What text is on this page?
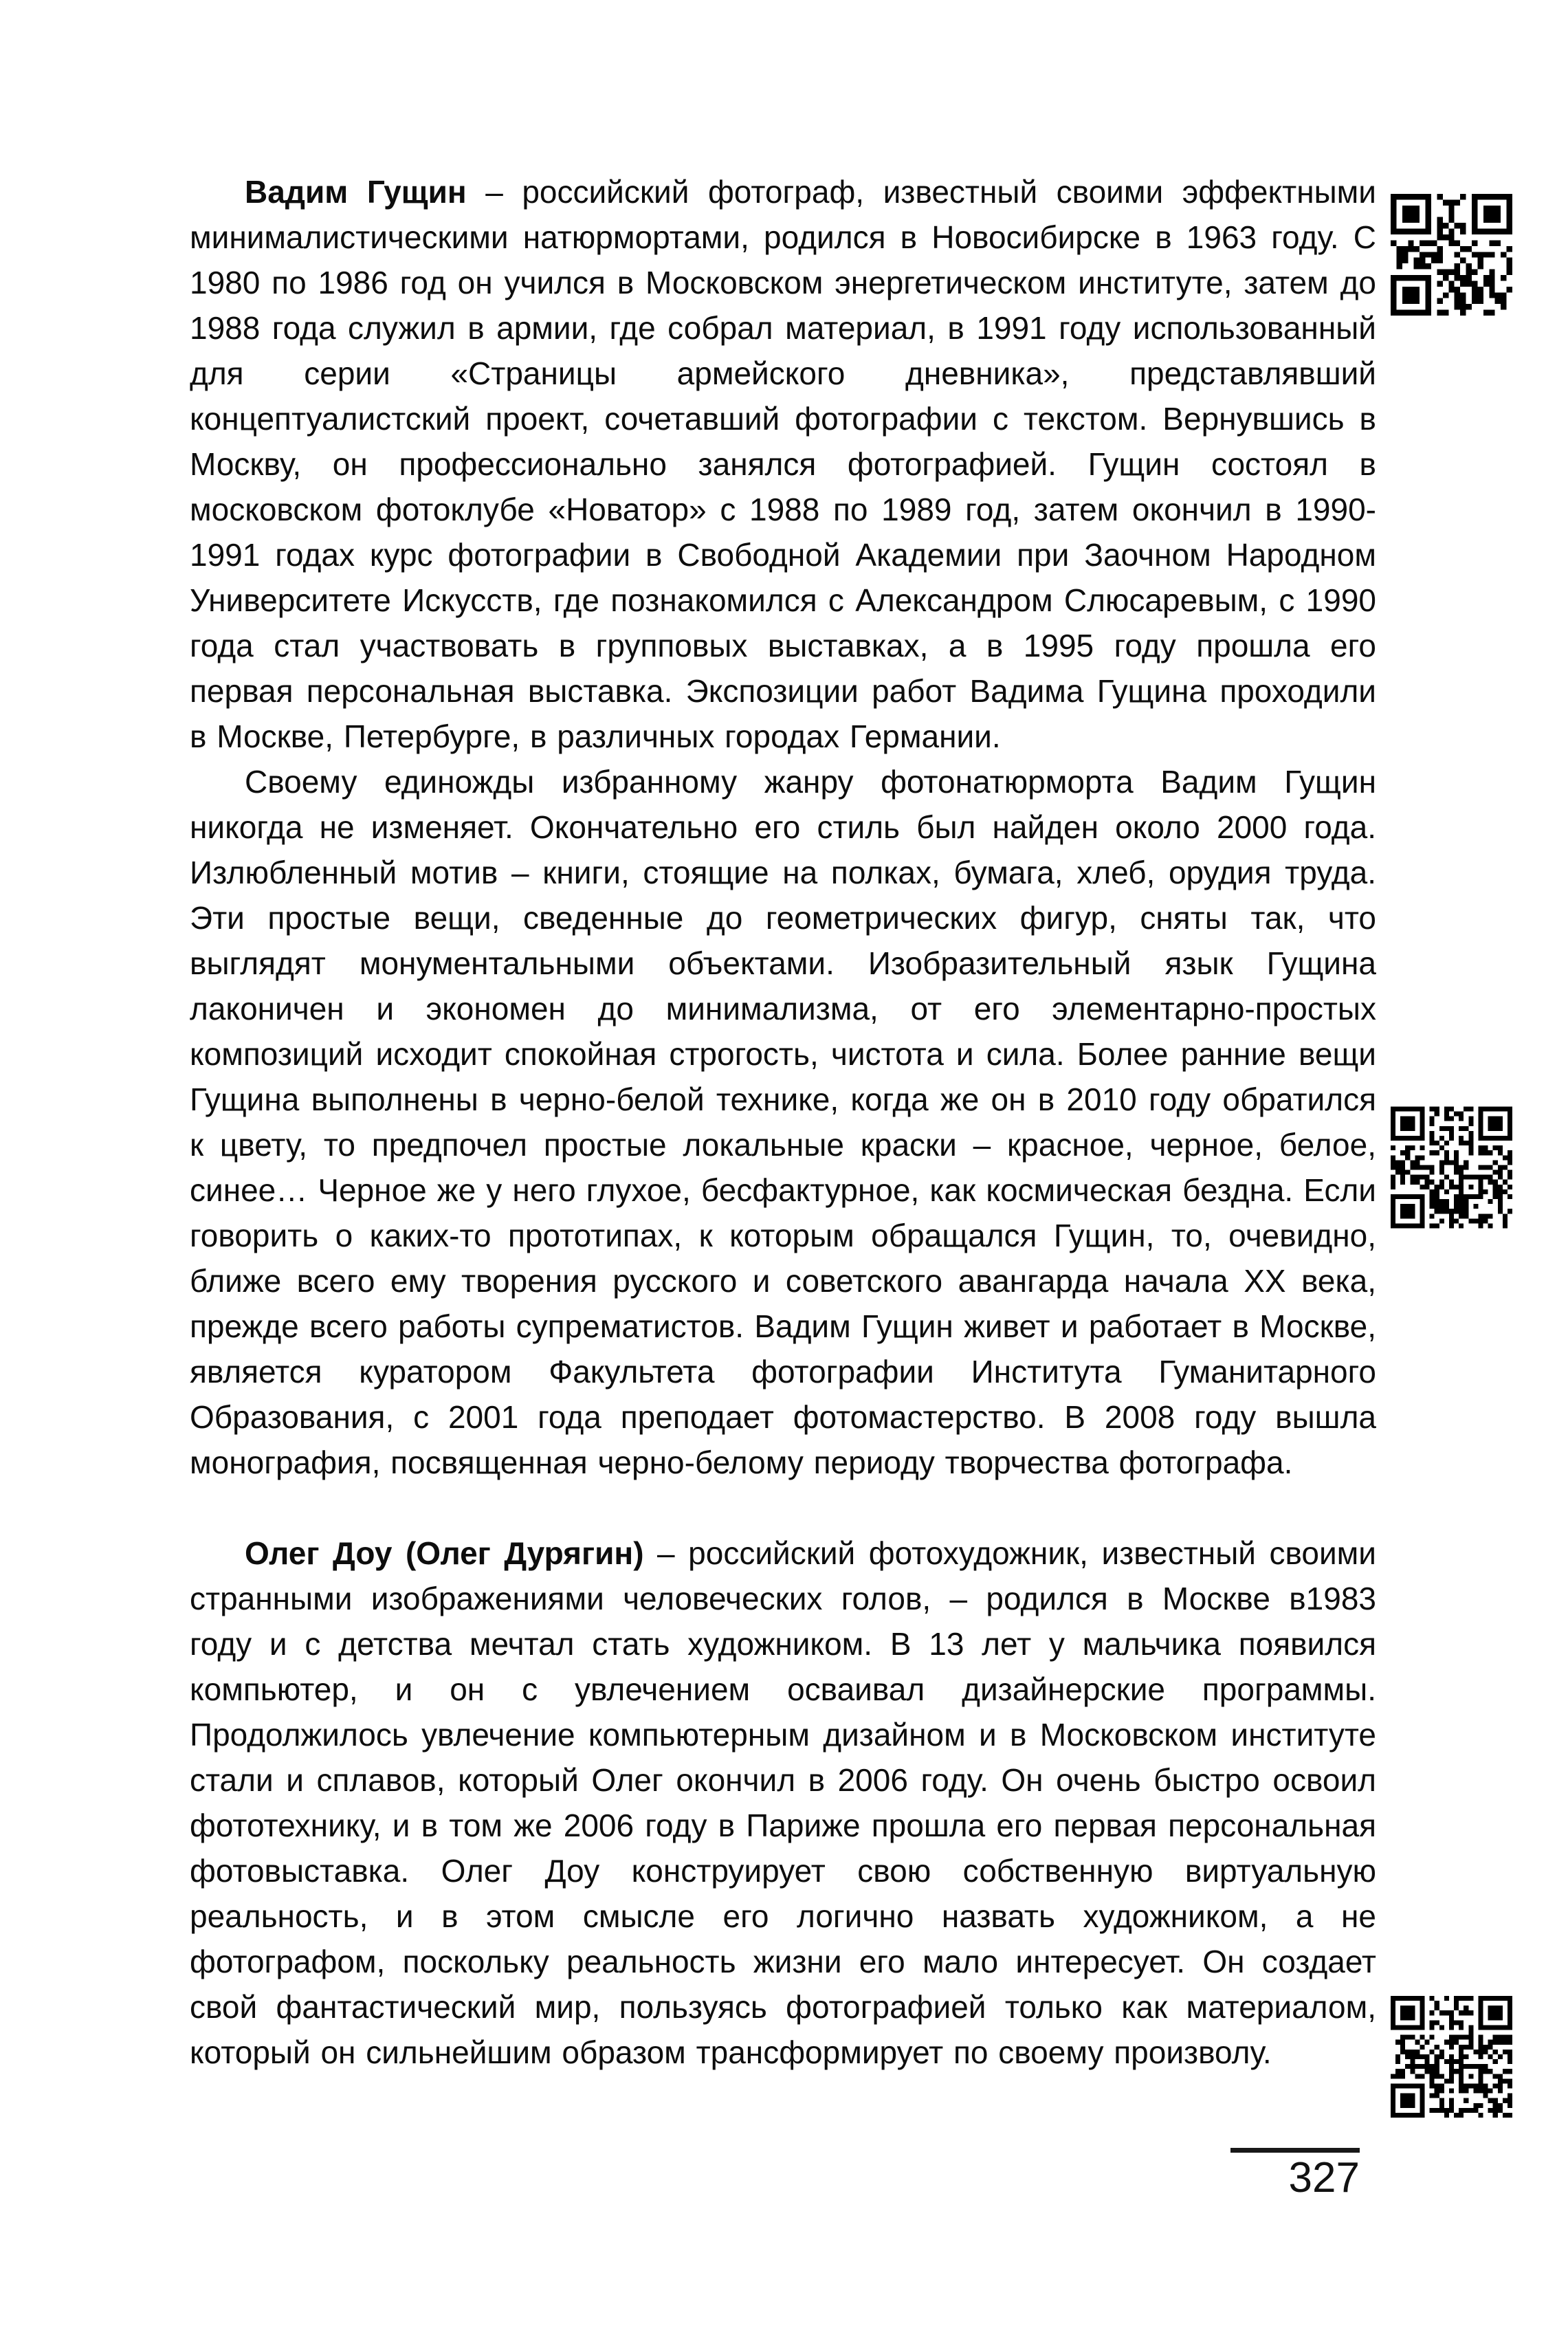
Вадим Гущин – российский фотограф, известный своими эффектными минималистическими натюрмортами, родился в Новосибирске в 1963 году. С 1980 по 1986 год он учился в Московском энергетическом институте, затем до 1988 года служил в армии, где собрал материал, в 1991 году использованный для серии «Страницы армейского дневника», представлявший концептуалистский проект, сочетавший фотографии с текстом. Вернувшись в Москву, он профессионально занялся фотографией. Гущин состоял в московском фотоклубе «Новатор» с 1988 по 1989 год, затем окончил в 1990-1991 годах курс фотографии в Свободной Академии при Заочном Народном Университете Искусств, где познакомился с Александром Слюсаревым, с 1990 года стал участвовать в групповых выставках, а в 1995 году прошла его первая персональная выставка. Экспозиции работ Вадима Гущина проходили в Москве, Петербурге, в различных городах Германии.

Своему единожды избранному жанру фотонатюрморта Вадим Гущин никогда не изменяет. Окончательно его стиль был найден около 2000 года. Излюбленный мотив – книги, стоящие на полках, бумага, хлеб, орудия труда. Эти простые вещи, сведенные до геометрических фигур, сняты так, что выглядят монументальными объектами. Изобразительный язык Гущина лаконичен и экономен до минимализма, от его элементарно-простых композиций исходит спокойная строгость, чистота и сила. Более ранние вещи Гущина выполнены в черно-белой технике, когда же он в 2010 году обратился к цвету, то предпочел простые локальные краски – красное, черное, белое, синее… Черное же у него глухое, бесфактурное, как космическая бездна. Если говорить о каких-то прототипах, к которым обращался Гущин, то, очевидно, ближе всего ему творения русского и советского авангарда начала XX века, прежде всего работы супрематистов. Вадим Гущин живет и работает в Москве, является куратором Факультета фотографии Института Гуманитарного Образования, с 2001 года преподает фотомастерство. В 2008 году вышла монография, посвященная черно-белому периоду творчества фотографа.

Олег Доу (Олег Дурягин) – российский фотохудожник, известный своими странными изображениями человеческих голов, – родился в Москве в1983 году и с детства мечтал стать художником. В 13 лет у мальчика появился компьютер, и он с увлечением осваивал дизайнерские программы. Продолжилось увлечение компьютерным дизайном и в Московском институте стали и сплавов, который Олег окончил в 2006 году. Он очень быстро освоил фототехнику, и в том же 2006 году в Париже прошла его первая персональная фотовыставка. Олег Доу конструирует свою собственную виртуальную реальность, и в этом смысле его логично назвать художником, а не фотографом, поскольку реальность жизни его мало интересует. Он создает свой фантастический мир, пользуясь фотографией только как материалом, который он сильнейшим образом трансформирует по своему произволу.

327
